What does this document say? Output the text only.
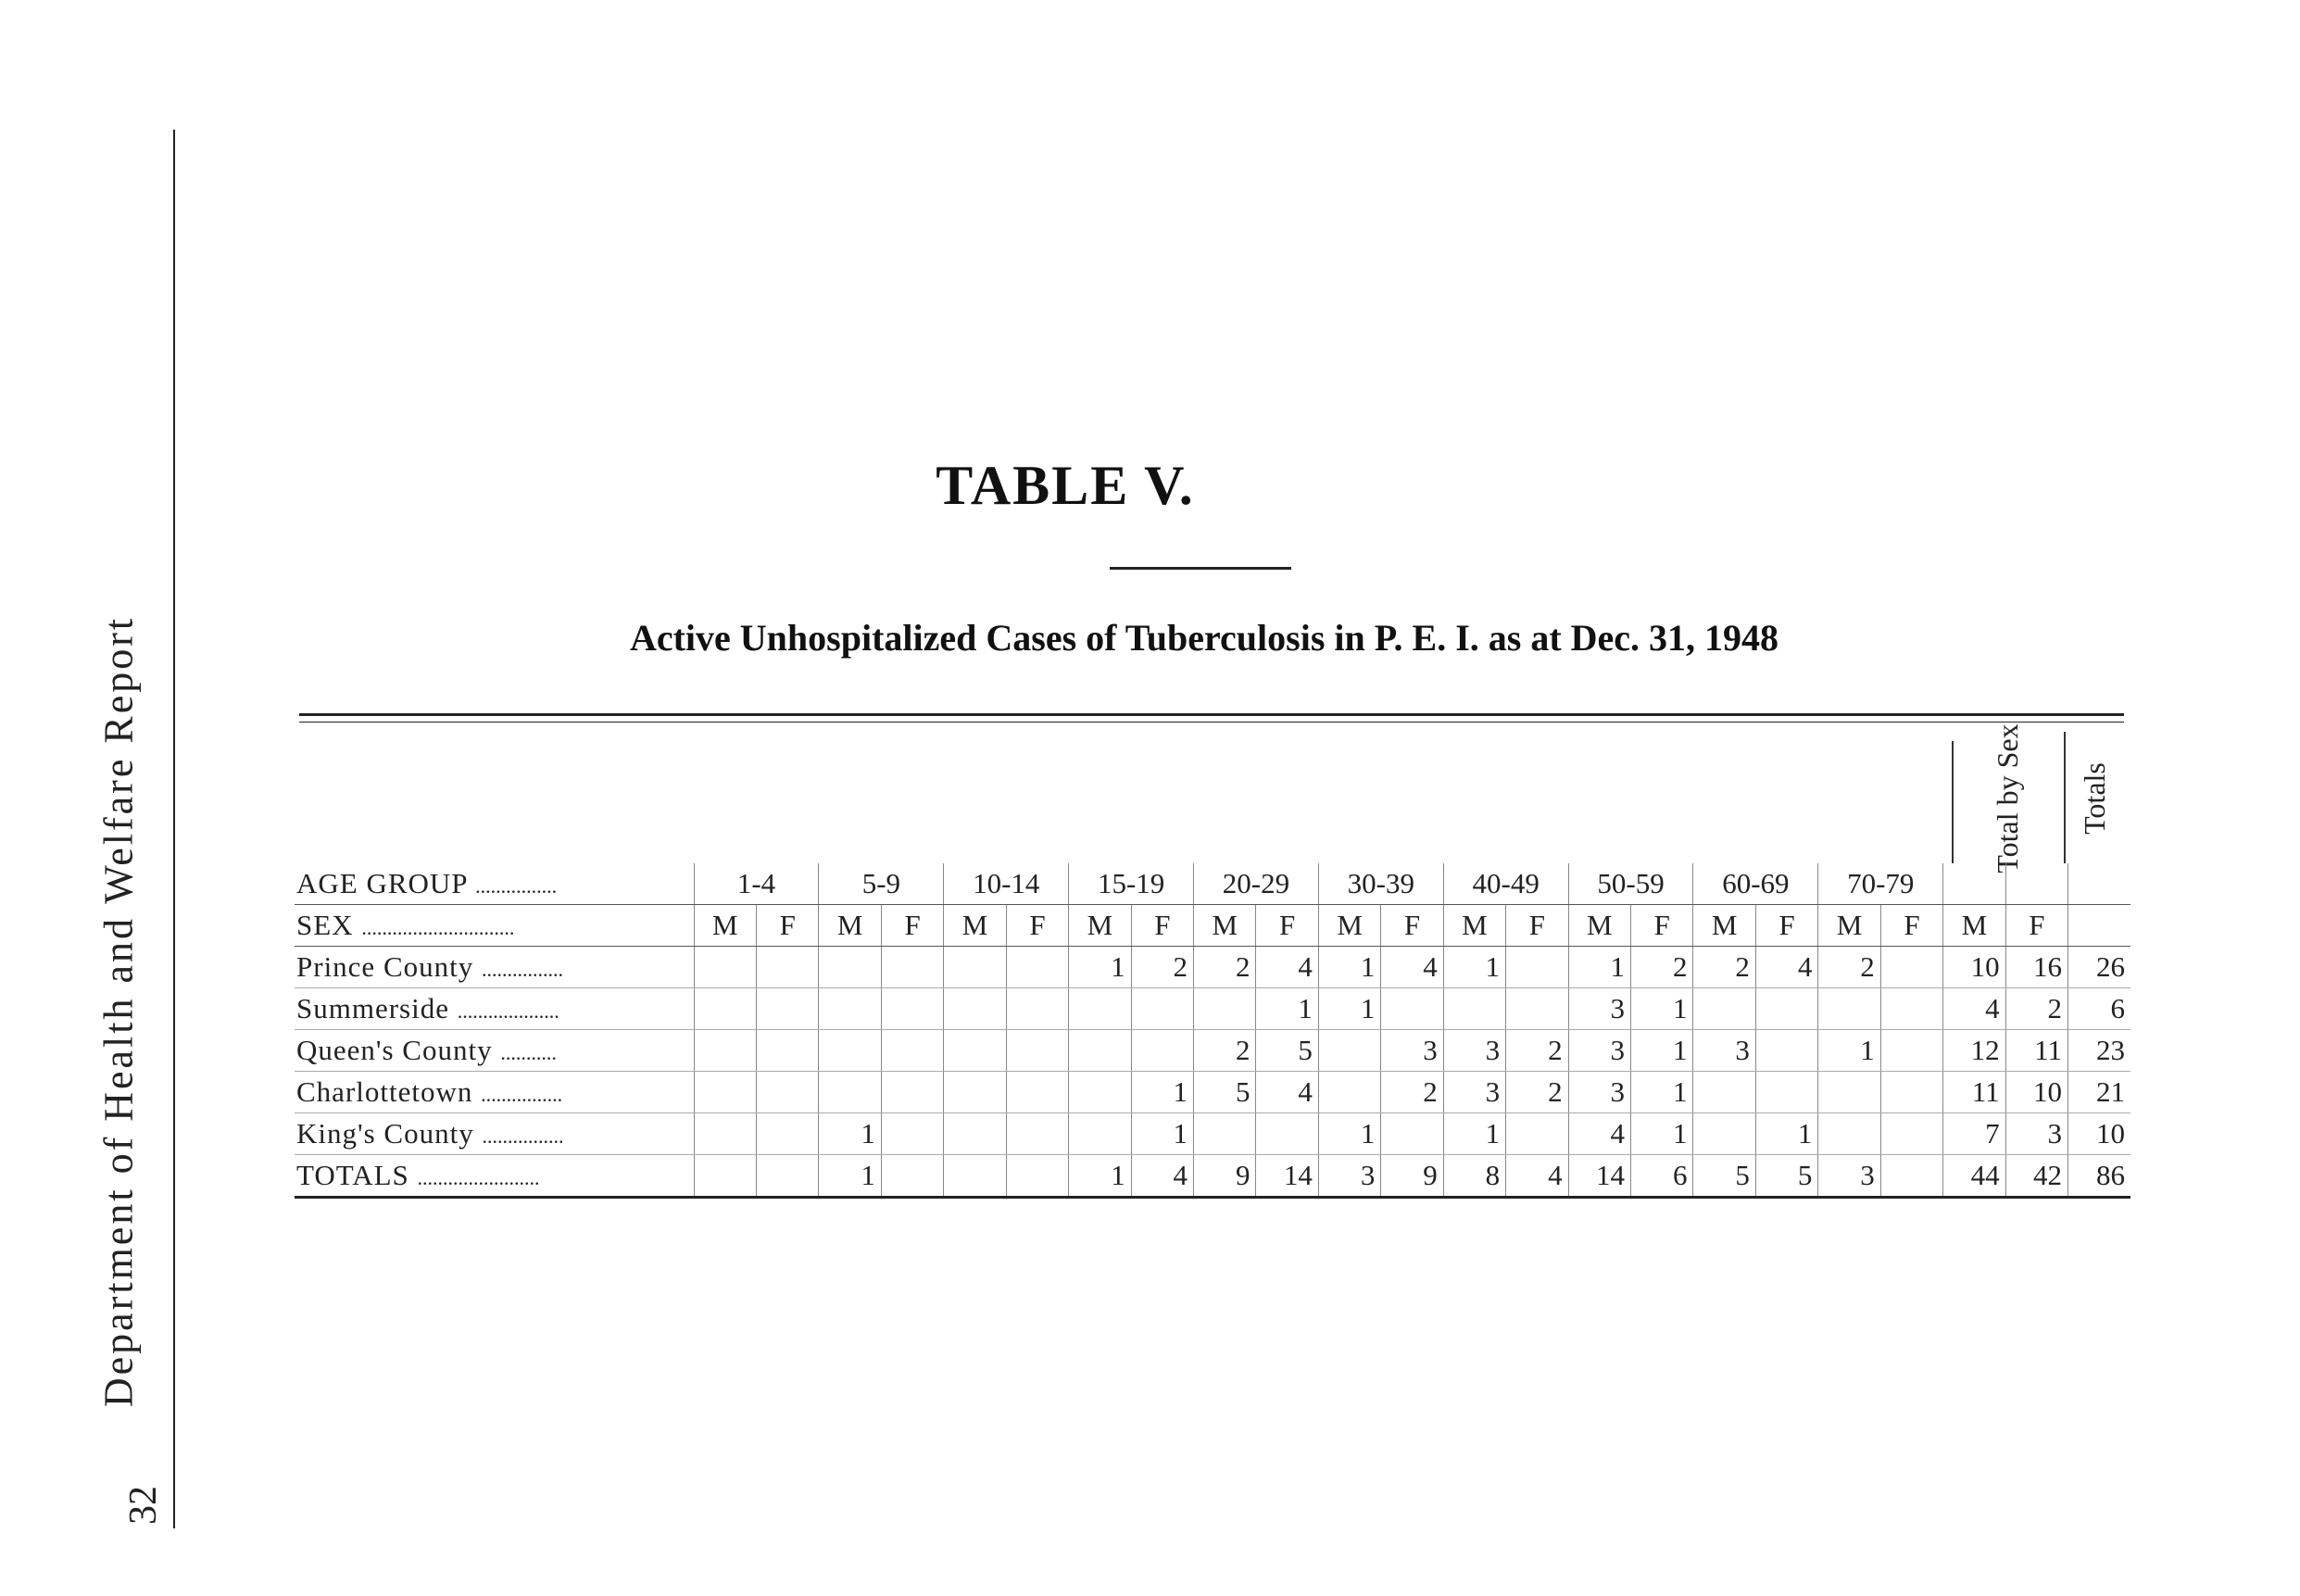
Department of Health and Welfare Report
32
TABLE V.
Active Unhospitalized Cases of Tuberculosis in P. E. I. as at Dec. 31, 1948
Total by Sex Totals
AGE GROUP ................	1-4		5-9		10-14		15-19		20-29		30-39		40-49		50-59		60-69		70-79				
SEX ..............................	M	F	M	F	M	F	M	F	M	F	M	F	M	F	M	F	M	F	M	F	M	F	
Prince County ................							1	2	2	4	1	4	1		1	2	2	4	2		10	16	26
Summerside ....................										1	1				3	1					4	2	6
Queen's County ...........									2	5		3	3	2	3	1	3		1		12	11	23
Charlottetown ................								1	5	4		2	3	2	3	1					11	10	21
King's County ................			1					1			1		1		4	1		1			7	3	10
TOTALS ........................			1				1	4	9	14	3	9	8	4	14	6	5	5	3		44	42	86
